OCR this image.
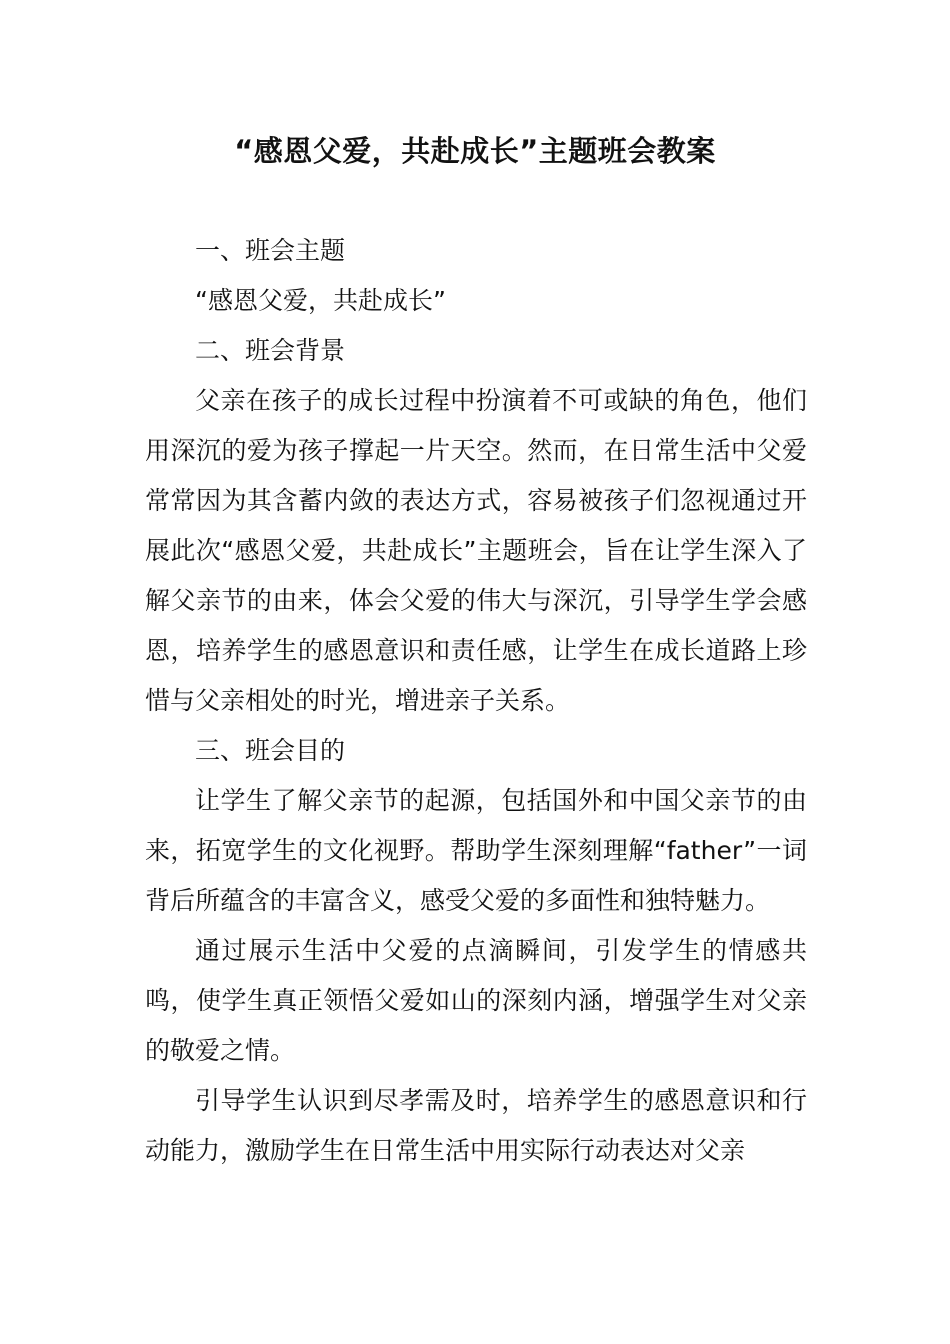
“感恩父爱，共赴成长”主题班会教案

一、班会主题

“感恩父爱，共赴成长”

二、班会背景

父亲在孩子的成长过程中扮演着不可或缺的角色，他们用深沉的爱为孩子撑起一片天空。然而，在日常生活中父爱常常因为其含蓄内敛的表达方式，容易被孩子们忽视通过开展此次“感恩父爱，共赴成长”主题班会，旨在让学生深入了解父亲节的由来，体会父爱的伟大与深沉，引导学生学会感恩，培养学生的感恩意识和责任感，让学生在成长道路上珍惜与父亲相处的时光，增进亲子关系。

三、班会目的

让学生了解父亲节的起源，包括国外和中国父亲节的由来，拓宽学生的文化视野。帮助学生深刻理解“father”一词背后所蕴含的丰富含义，感受父爱的多面性和独特魅力。

通过展示生活中父爱的点滴瞬间，引发学生的情感共鸣，使学生真正领悟父爱如山的深刻内涵，增强学生对父亲的敬爱之情。

引导学生认识到尽孝需及时，培养学生的感恩意识和行动能力，激励学生在日常生活中用实际行动表达对父亲
